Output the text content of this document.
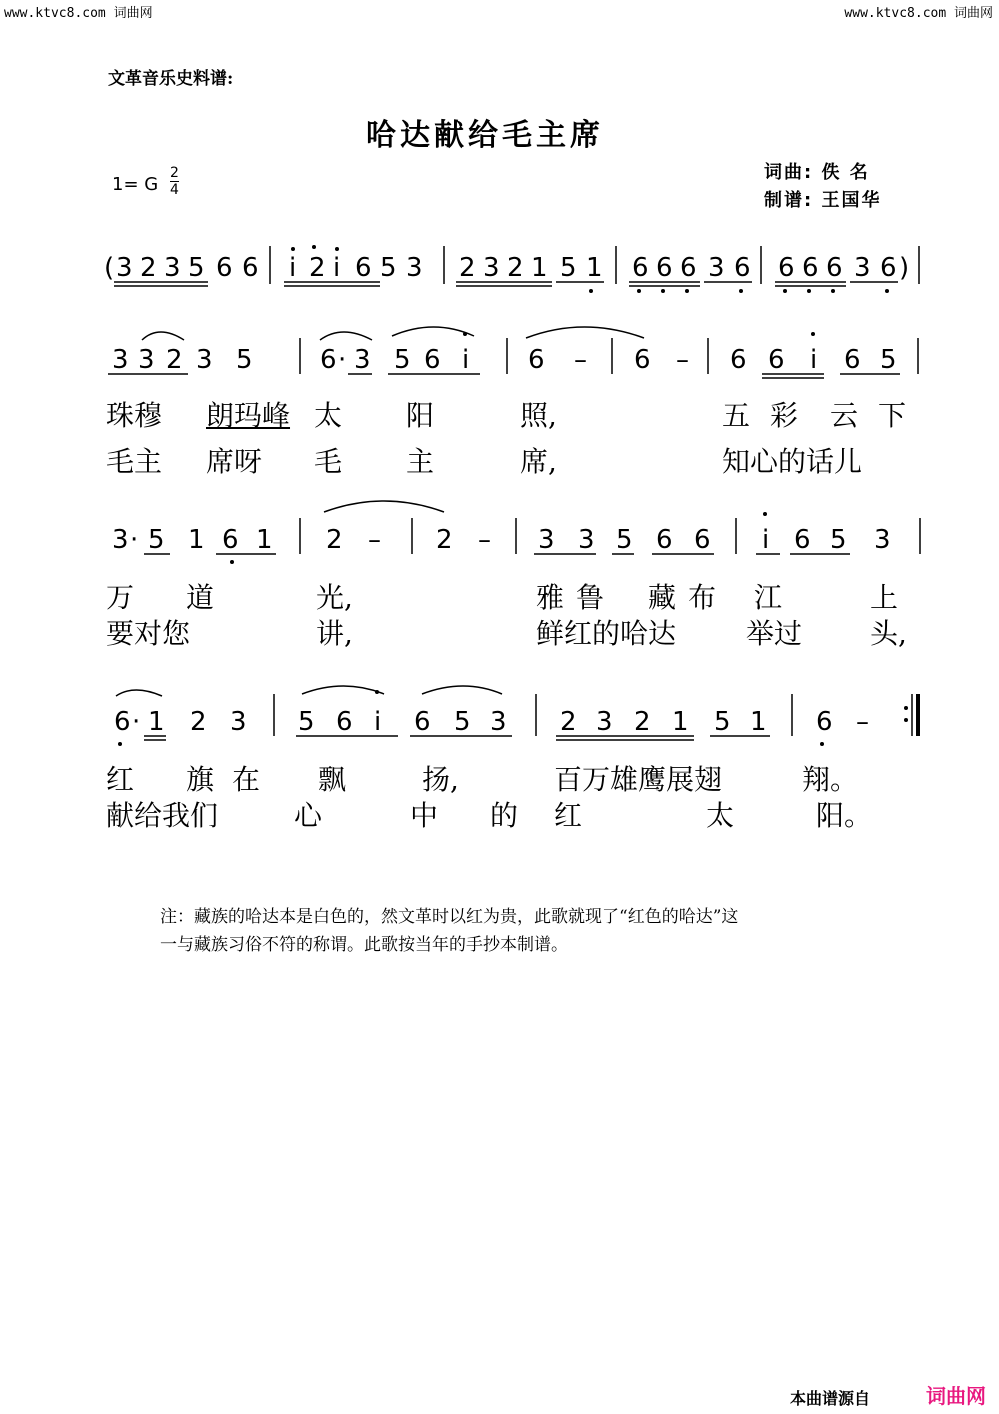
www.ktvc8.com 词曲网	www.ktvc8.com 词曲网
文革音乐史料谱:
哈达献给毛主席
1= G
2
4
词曲: 佚 名
制谱: 王国华
( 3 2 3 5 6 6 i 2 i 6 5 3 2 3 2 1 5 1 6 6 6 3 6 6 6 6 3 6 )
3 3 2 3 5	6 · 3 5 6 i 6 – 6 – 6 6 i 6 5
珠穆 朗玛峰 太 阳	照,	五彩 云下
毛主 席呀 毛 主	席,	知心的话儿
3 · 5 1 6 1 2 – 2 – 3 3 5 6 6 i 6 5 3
万 道	光,	雅鲁 藏布 江	上
要对您	讲,	鲜红的哈达 举过 头,
6 · 1 2 3 5 6 i 6 5 3 2 3 2 1 5 1 6 –
红 旗在 飘	扬,	百万雄鹰展翅	翔。
献给我们	心	中 的 红	太	阳。
注：藏族的哈达本是白色的，然文革时以红为贵，此歌就现了“红色的哈达”这
一与藏族习俗不符的称谓。此歌按当年的手抄本制谱。
本曲谱源自	词曲网
